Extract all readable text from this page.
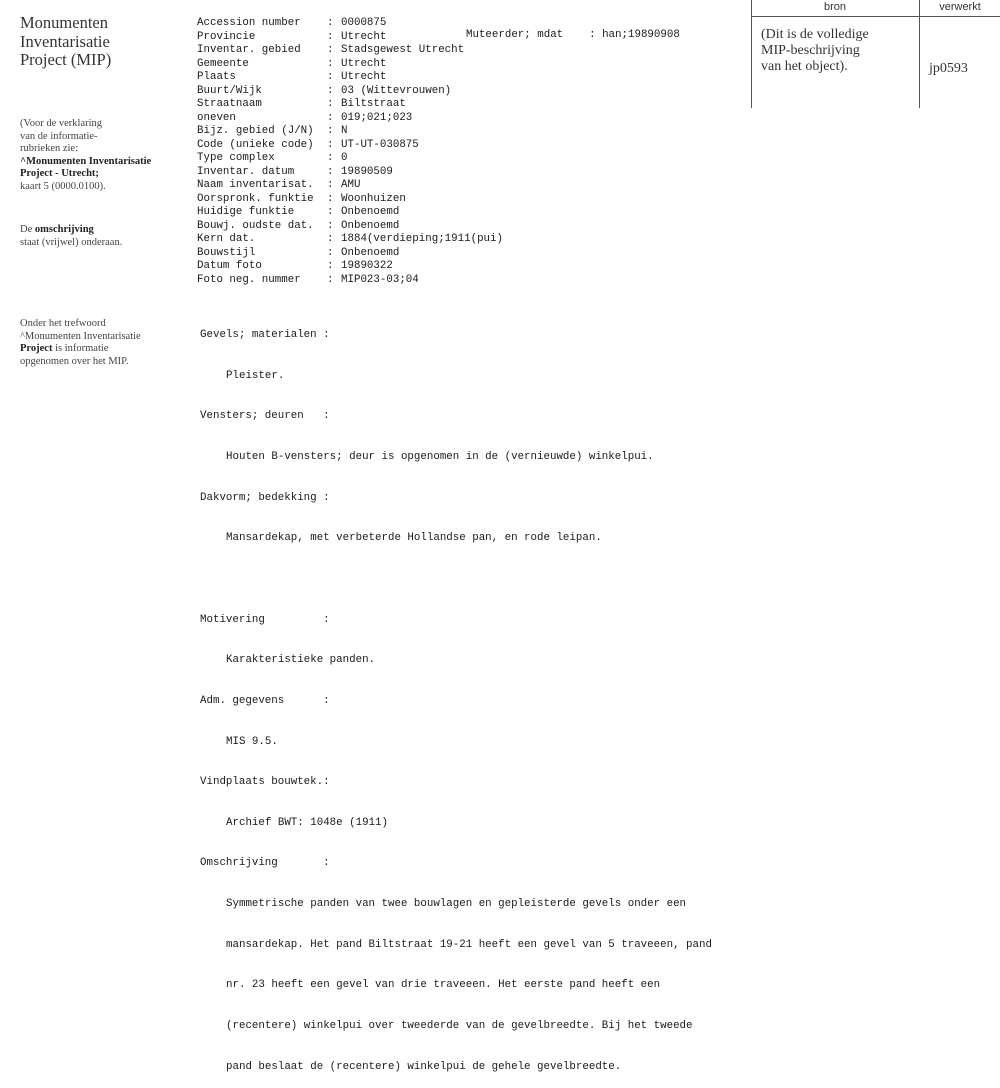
Monumenten
Inventarisatie
Project (MIP)
(Voor de verklaring
van de informatie-
rubrieken zie:
^Monumenten Inventarisatie
Project - Utrecht;
kaart 5 (0000.0100).
De omschrijving
staat (vrijwel) onderaan.
Onder het trefwoord
^Monumenten Inventarisatie
Project is informatie
opgenomen over het MIP.
Accession number	: 0000875
Provincie	: Utrecht
Inventar. gebied	: Stadsgewest Utrecht
Gemeente	: Utrecht
Plaats	: Utrecht
Buurt/Wijk	: 03 (Wittevrouwen)
Straatnaam	: Biltstraat
oneven	: 019;021;023
Bijz. gebied (J/N)	: N
Code (unieke code)	: UT-UT-030875
Type complex	: 0
Inventar. datum	: 19890509
Naam inventarisat.	: AMU
Oorspronk. funktie	: Woonhuizen
Huidige funktie	: Onbenoemd
Bouwj. oudste dat.	: Onbenoemd
Kern dat.	: 1884(verdieping;1911(pui)
Bouwstijl	: Onbenoemd
Datum foto	: 19890322
Foto neg. nummer	: MIP023-03;04

Muteerder; mdat : han;19890908

Gevels; materialen :

Pleister.

Vensters; deuren   :

Houten B-vensters; deur is opgenomen in de (vernieuwde) winkelpui.

Dakvorm; bedekking :

Mansardekap, met verbeterde Hollandse pan, en rode leipan.

Motivering         :

Karakteristieke panden.

Adm. gegevens      :

MIS 9.5.

Vindplaats bouwtek.:

Archief BWT: 1048e (1911)

Omschrijving       :

Symmetrische panden van twee bouwlagen en gepleisterde gevels onder een

mansardekap. Het pand Biltstraat 19-21 heeft een gevel van 5 traveeen, pand

nr. 23 heeft een gevel van drie traveeen. Het eerste pand heeft een

(recentere) winkelpui over tweederde van de gevelbreedte. Bij het tweede

pand beslaat de (recentere) winkelpui de gehele gevelbreedte.

bron	verwerkt
(Dit is de volledige
MIP-beschrijving
van het object).	jp0593
